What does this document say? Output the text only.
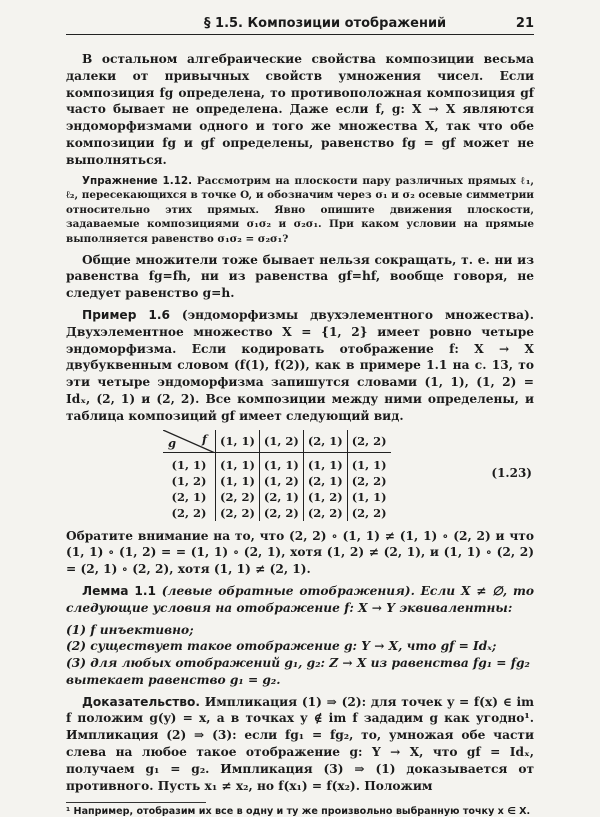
§ 1.5. Композиции отображений	21

В остальном алгебраические свойства композиции весьма далеки от привычных свойств умножения чисел. Если композиция fg определена, то противоположная композиция gf часто бывает не определена. Даже если f, g: X → X являются эндоморфизмами одного и того же множества X, так что обе композиции fg и gf определены, равенство fg = gf может не выполняться.

Упражнение 1.12. Рассмотрим на плоскости пару различных прямых ℓ₁, ℓ₂, пересекающихся в точке O, и обозначим через σ₁ и σ₂ осевые симметрии относительно этих прямых. Явно опишите движения плоскости, задаваемые композициями σ₁σ₂ и σ₂σ₁. При каком условии на прямые выполняется равенство σ₁σ₂ = σ₂σ₁?

Общие множители тоже бывает нельзя сокращать, т. е. ни из равенства fg=fh, ни из равенства gf=hf, вообще говоря, не следует равенство g=h.

Пример 1.6 (эндоморфизмы двухэлементного множества). Двухэлементное множество X = {1, 2} имеет ровно четыре эндоморфизма. Если кодировать отображение f: X → X двубуквенным словом (f(1), f(2)), как в примере 1.1 на с. 13, то эти четыре эндоморфизма запишутся словами (1, 1), (1, 2) = Idₓ, (2, 1) и (2, 2). Все композиции между ними определены, и таблица композиций gf имеет следующий вид.

f
g	(1, 1)	(1, 2)	(2, 1)	(2, 2)
(1, 1)	(1, 1)	(1, 1)	(1, 1)	(1, 1)
(1, 2)	(1, 1)	(1, 2)	(2, 1)	(2, 2)
(2, 1)	(2, 2)	(2, 1)	(1, 2)	(1, 1)
(2, 2)	(2, 2)	(2, 2)	(2, 2)	(2, 2)
(1.23)

Обратите внимание на то, что (2, 2) ∘ (1, 1) ≠ (1, 1) ∘ (2, 2) и что (1, 1) ∘ (1, 2) = = (1, 1) ∘ (2, 1), хотя (1, 2) ≠ (2, 1), и (1, 1) ∘ (2, 2) = (2, 1) ∘ (2, 2), хотя (1, 1) ≠ (2, 1).

Лемма 1.1 (левые обратные отображения). Если X ≠ ∅, то следующие условия на отображение f: X → Y эквивалентны:

(1) f инъективно;
(2) существует такое отображение g: Y → X, что gf = Idₓ;
(3) для любых отображений g₁, g₂: Z → X из равенства fg₁ = fg₂ вытекает равенство g₁ = g₂.

Доказательство. Импликация (1) ⇒ (2): для точек y = f(x) ∈ im f положим g(y) = x, а в точках y ∉ im f зададим g как угодно¹. Импликация (2) ⇒ (3): если fg₁ = fg₂, то, умножая обе части слева на любое такое отображение g: Y → X, что gf = Idₓ, получаем g₁ = g₂. Импликация (3) ⇒ (1) доказывается от противного. Пусть x₁ ≠ x₂, но f(x₁) = f(x₂). Положим

¹ Например, отобразим их все в одну и ту же произвольно выбранную точку x ∈ X.
